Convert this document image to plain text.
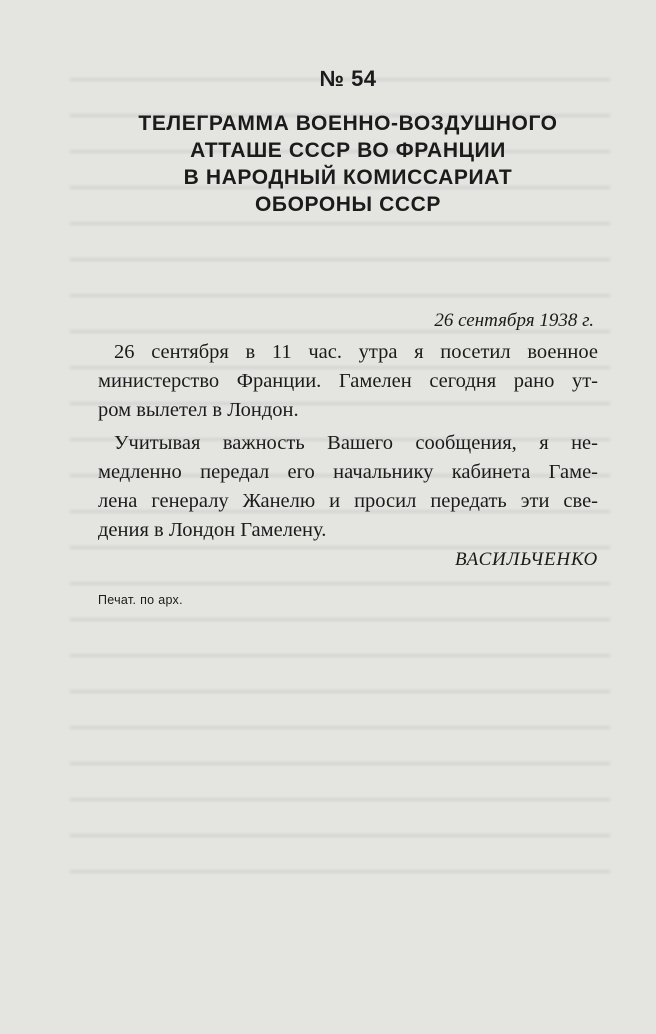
№ 54
ТЕЛЕГРАММА ВОЕННО-ВОЗДУШНОГО
АТТАШЕ СССР ВО ФРАНЦИИ
В НАРОДНЫЙ КОМИССАРИАТ
ОБОРОНЫ СССР
26 сентября 1938 г.

26 сентября в 11 час. утра я посетил военное
министерство Франции. Гамелен сегодня рано ут-
ром вылетел в Лондон.

Учитывая важность Вашего сообщения, я не-
медленно передал его начальнику кабинета Гаме-
лена генералу Жанелю и просил передать эти све-
дения в Лондон Гамелену.

ВАСИЛЬЧЕНКО
Печат. по арх.
